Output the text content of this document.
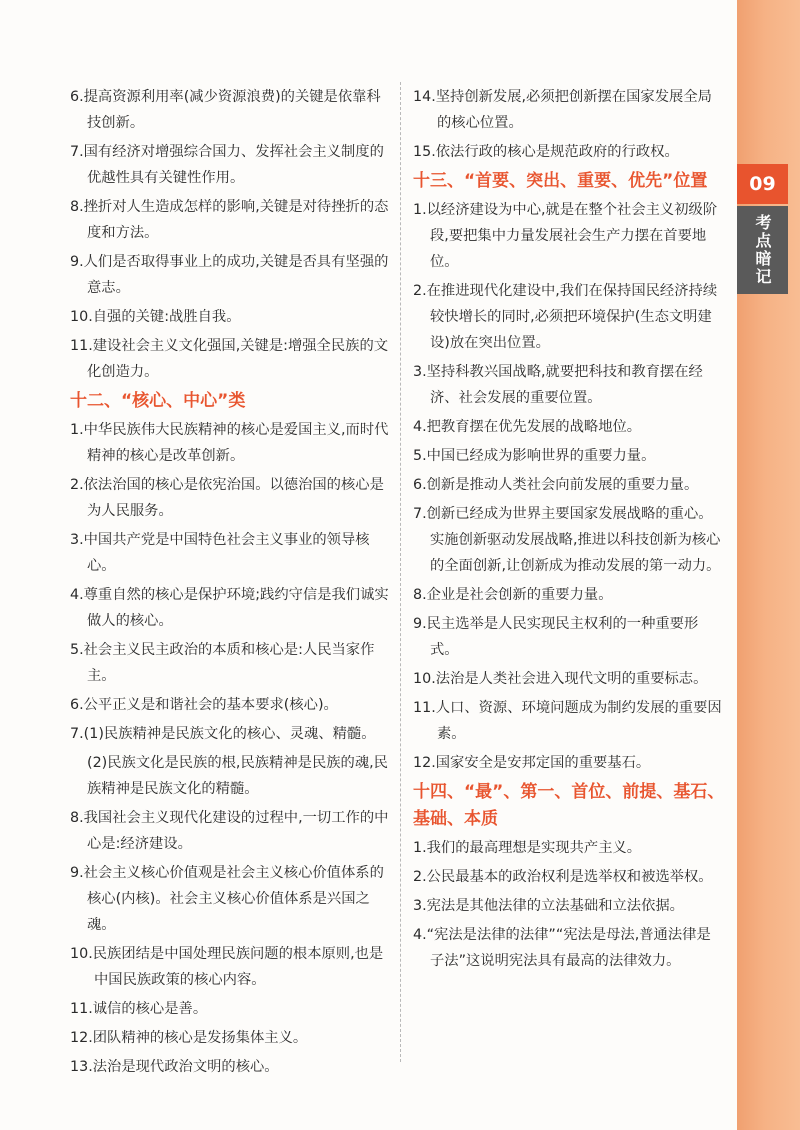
6.提高资源利用率(减少资源浪费)的关键是依靠科技创新。
7.国有经济对增强综合国力、发挥社会主义制度的优越性具有关键性作用。
8.挫折对人生造成怎样的影响,关键是对待挫折的态度和方法。
9.人们是否取得事业上的成功,关键是否具有坚强的意志。
10.自强的关键:战胜自我。
11.建设社会主义文化强国,关键是:增强全民族的文化创造力。
十二、“核心、中心”类
1.中华民族伟大民族精神的核心是爱国主义,而时代精神的核心是改革创新。
2.依法治国的核心是依宪治国。以德治国的核心是为人民服务。
3.中国共产党是中国特色社会主义事业的领导核心。
4.尊重自然的核心是保护环境;践约守信是我们诚实做人的核心。
5.社会主义民主政治的本质和核心是:人民当家作主。
6.公平正义是和谐社会的基本要求(核心)。
7.(1)民族精神是民族文化的核心、灵魂、精髓。
(2)民族文化是民族的根,民族精神是民族的魂,民族精神是民族文化的精髓。
8.我国社会主义现代化建设的过程中,一切工作的中心是:经济建设。
9.社会主义核心价值观是社会主义核心价值体系的核心(内核)。社会主义核心价值体系是兴国之魂。
10.民族团结是中国处理民族问题的根本原则,也是中国民族政策的核心内容。
11.诚信的核心是善。
12.团队精神的核心是发扬集体主义。
13.法治是现代政治文明的核心。
14.坚持创新发展,必须把创新摆在国家发展全局的核心位置。
15.依法行政的核心是规范政府的行政权。
十三、“首要、突出、重要、优先”位置
1.以经济建设为中心,就是在整个社会主义初级阶段,要把集中力量发展社会生产力摆在首要地位。
2.在推进现代化建设中,我们在保持国民经济持续较快增长的同时,必须把环境保护(生态文明建设)放在突出位置。
3.坚持科教兴国战略,就要把科技和教育摆在经济、社会发展的重要位置。
4.把教育摆在优先发展的战略地位。
5.中国已经成为影响世界的重要力量。
6.创新是推动人类社会向前发展的重要力量。
7.创新已经成为世界主要国家发展战略的重心。实施创新驱动发展战略,推进以科技创新为核心的全面创新,让创新成为推动发展的第一动力。
8.企业是社会创新的重要力量。
9.民主选举是人民实现民主权利的一种重要形式。
10.法治是人类社会进入现代文明的重要标志。
11.人口、资源、环境问题成为制约发展的重要因素。
12.国家安全是安邦定国的重要基石。
十四、“最”、第一、首位、前提、基石、基础、本质
1.我们的最高理想是实现共产主义。
2.公民最基本的政治权利是选举权和被选举权。
3.宪法是其他法律的立法基础和立法依据。
4.“宪法是法律的法律”“宪法是母法,普通法律是子法”这说明宪法具有最高的法律效力。
09
考点暗记
